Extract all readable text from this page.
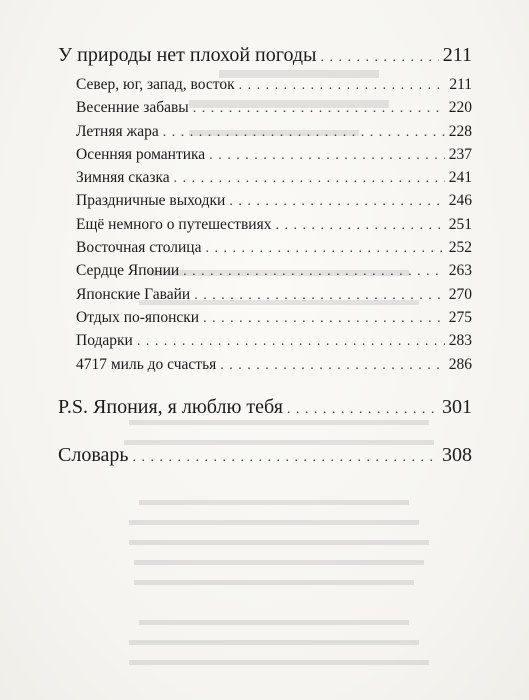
У природы нет плохой погоды . . .	211
Север, юг, запад, восток . . .	211
Весенние забавы . . .	220
Летняя жара . . .	228
Осенняя романтика . . .	237
Зимняя сказка . . .	241
Праздничные выходки . . .	246
Ещё немного о путешествиях . . .	251
Восточная столица . . .	252
Сердце Японии . . .	263
Японские Гавайи . . .	270
Отдых по-японски . . .	275
Подарки . . .	283
4717 миль до счастья . . .	286
P.S. Япония, я люблю тебя . . .	301
Словарь . . .	308
